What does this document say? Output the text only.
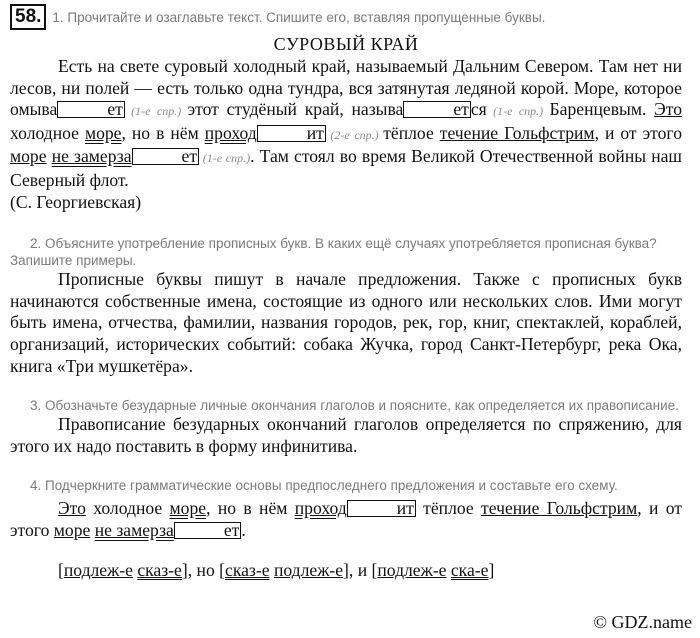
58. 1. Прочитайте и озаглавьте текст. Спишите его, вставляя пропущенные буквы.
СУРОВЫЙ КРАЙ
Есть на свете суровый холодный край, называемый Дальним Севером. Там нет ни лесов, ни полей — есть только одна тундра, вся затянутая ледяной корой. Море, которое омыва	ет (1-е спр.) этот студёный край, называ	ет ся (1-е спр.) Баренцевым. Это холодное море, но в нём проход	ит (2-е спр.) тёплое течение Гольфстрим, и от этого море не замерза	ет (1-е спр.). Там стоял во время Великой Отечественной войны наш Северный флот.
(С. Георгиевская)
2. Объясните употребление прописных букв. В каких ещё случаях употребляется прописная буква? Запишите примеры.
Прописные буквы пишут в начале предложения. Также с прописных букв начинаются собственные имена, состоящие из одного или нескольких слов. Ими могут быть имена, отчества, фамилии, названия городов, рек, гор, книг, спектаклей, кораблей, организаций, исторических событий: собака Жучка, город Санкт-Петербург, река Ока, книга «Три мушкетёра».
3. Обозначьте безударные личные окончания глаголов и поясните, как определяется их правописание.
Правописание безударных окончаний глаголов определяется по спряжению, для этого их надо поставить в форму инфинитива.
4. Подчеркните грамматические основы предпоследнего предложения и составьте его схему.
Это холодное море, но в нём проход	ит тёплое течение Гольфстрим, и от этого море не замерза	ет .
[подлеж-е сказ-е], но [сказ-е подлеж-е], и [подлеж-е ска-е]
© GDZ.name
